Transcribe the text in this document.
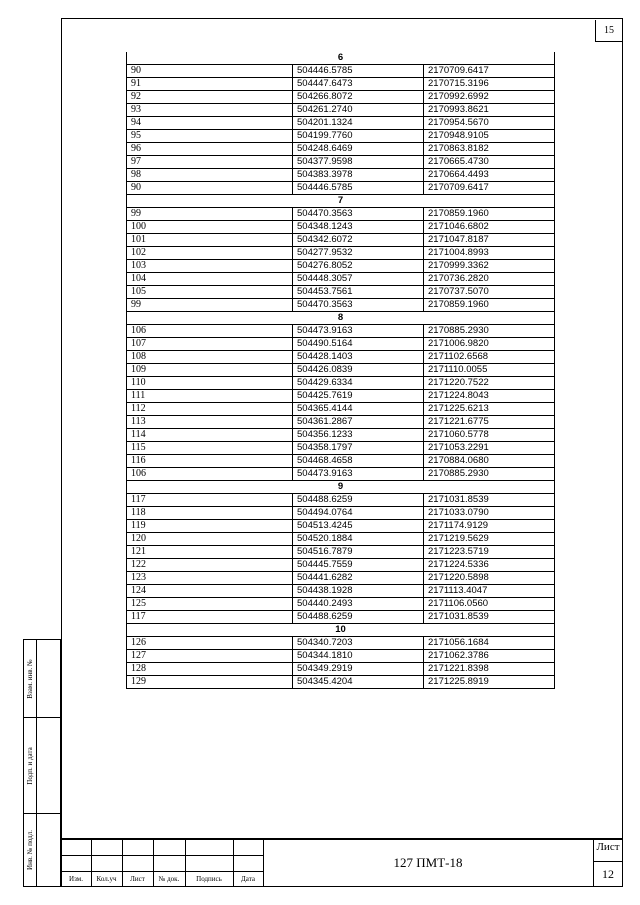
15
6		
90	504446.5785	2170709.6417
91	504447.6473	2170715.3196
92	504266.8072	2170992.6992
93	504261.2740	2170993.8621
94	504201.1324	2170954.5670
95	504199.7760	2170948.9105
96	504248.6469	2170863.8182
97	504377.9598	2170665.4730
98	504383.3978	2170664.4493
90	504446.5785	2170709.6417
7		
99	504470.3563	2170859.1960
100	504348.1243	2171046.6802
101	504342.6072	2171047.8187
102	504277.9532	2171004.8993
103	504276.8052	2170999.3362
104	504448.3057	2170736.2820
105	504453.7561	2170737.5070
99	504470.3563	2170859.1960
8		
106	504473.9163	2170885.2930
107	504490.5164	2171006.9820
108	504428.1403	2171102.6568
109	504426.0839	2171110.0055
110	504429.6334	2171220.7522
111	504425.7619	2171224.8043
112	504365.4144	2171225.6213
113	504361.2867	2171221.6775
114	504356.1233	2171060.5778
115	504358.1797	2171053.2291
116	504468.4658	2170884.0680
106	504473.9163	2170885.2930
9		
117	504488.6259	2171031.8539
118	504494.0764	2171033.0790
119	504513.4245	2171174.9129
120	504520.1884	2171219.5629
121	504516.7879	2171223.5719
122	504445.7559	2171224.5336
123	504441.6282	2171220.5898
124	504438.1928	2171113.4047
125	504440.2493	2171106.0560
117	504488.6259	2171031.8539
10		
126	504340.7203	2171056.1684
127	504344.1810	2171062.3786
128	504349.2919	2171221.8398
129	504345.4204	2171225.8919
Взам. инв. №
Подп. и дата
Инв. № подл.
Изм.	Кол.уч	Лист	№ док.	Подпись	Дата
127 ПМТ-18
Лист
12
